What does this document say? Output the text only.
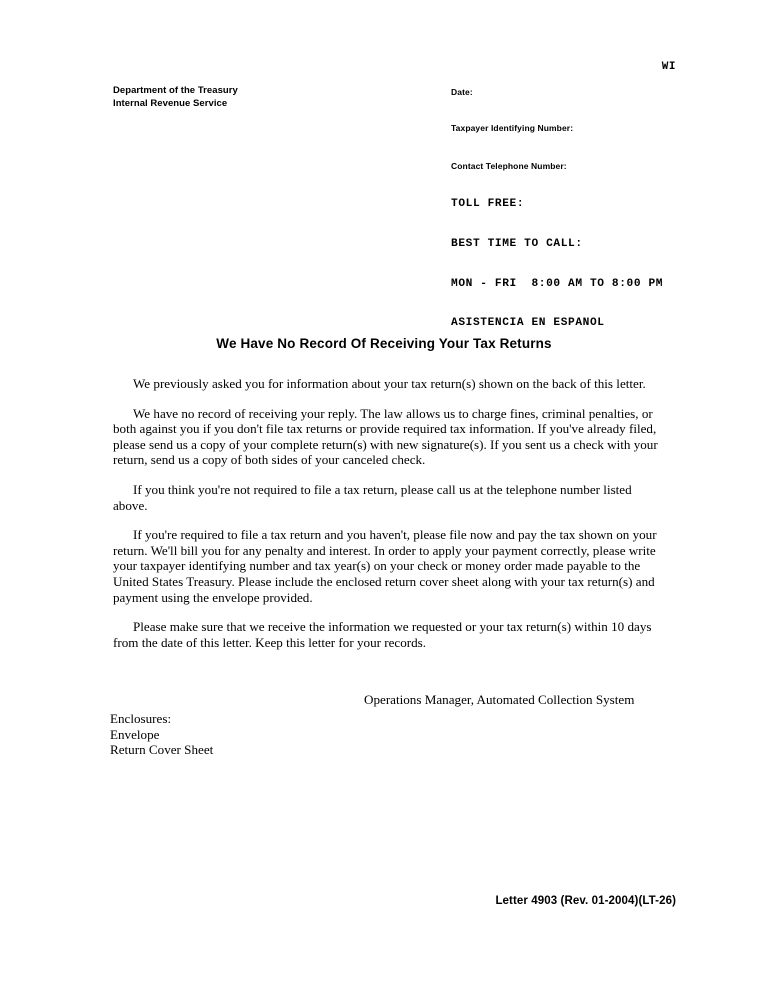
WI
Department of the Treasury
Internal Revenue Service
Date:
Taxpayer Identifying Number:
Contact Telephone Number:

TOLL FREE:

BEST TIME TO CALL:

MON - FRI  8:00 AM TO 8:00 PM

ASISTENCIA EN ESPANOL

We Have No Record Of Receiving Your Tax Returns

We previously asked you for information about your tax return(s) shown on the back of this letter.

We have no record of receiving your reply. The law allows us to charge fines, criminal penalties, or both against you if you don't file tax returns or provide required tax information. If you've already filed, please send us a copy of your complete return(s) with new signature(s). If you sent us a check with your return, send us a copy of both sides of your canceled check.

If you think you're not required to file a tax return, please call us at the telephone number listed above.

If you're required to file a tax return and you haven't, please file now and pay the tax shown on your return. We'll bill you for any penalty and interest. In order to apply your payment correctly, please write your taxpayer identifying number and tax year(s) on your check or money order made payable to the United States Treasury. Please include the enclosed return cover sheet along with your tax return(s) and payment using the envelope provided.

Please make sure that we receive the information we requested or your tax return(s) within 10 days from the date of this letter. Keep this letter for your records.

Operations Manager, Automated Collection System
Enclosures:
Envelope
Return Cover Sheet
Letter 4903 (Rev. 01-2004)(LT-26)
